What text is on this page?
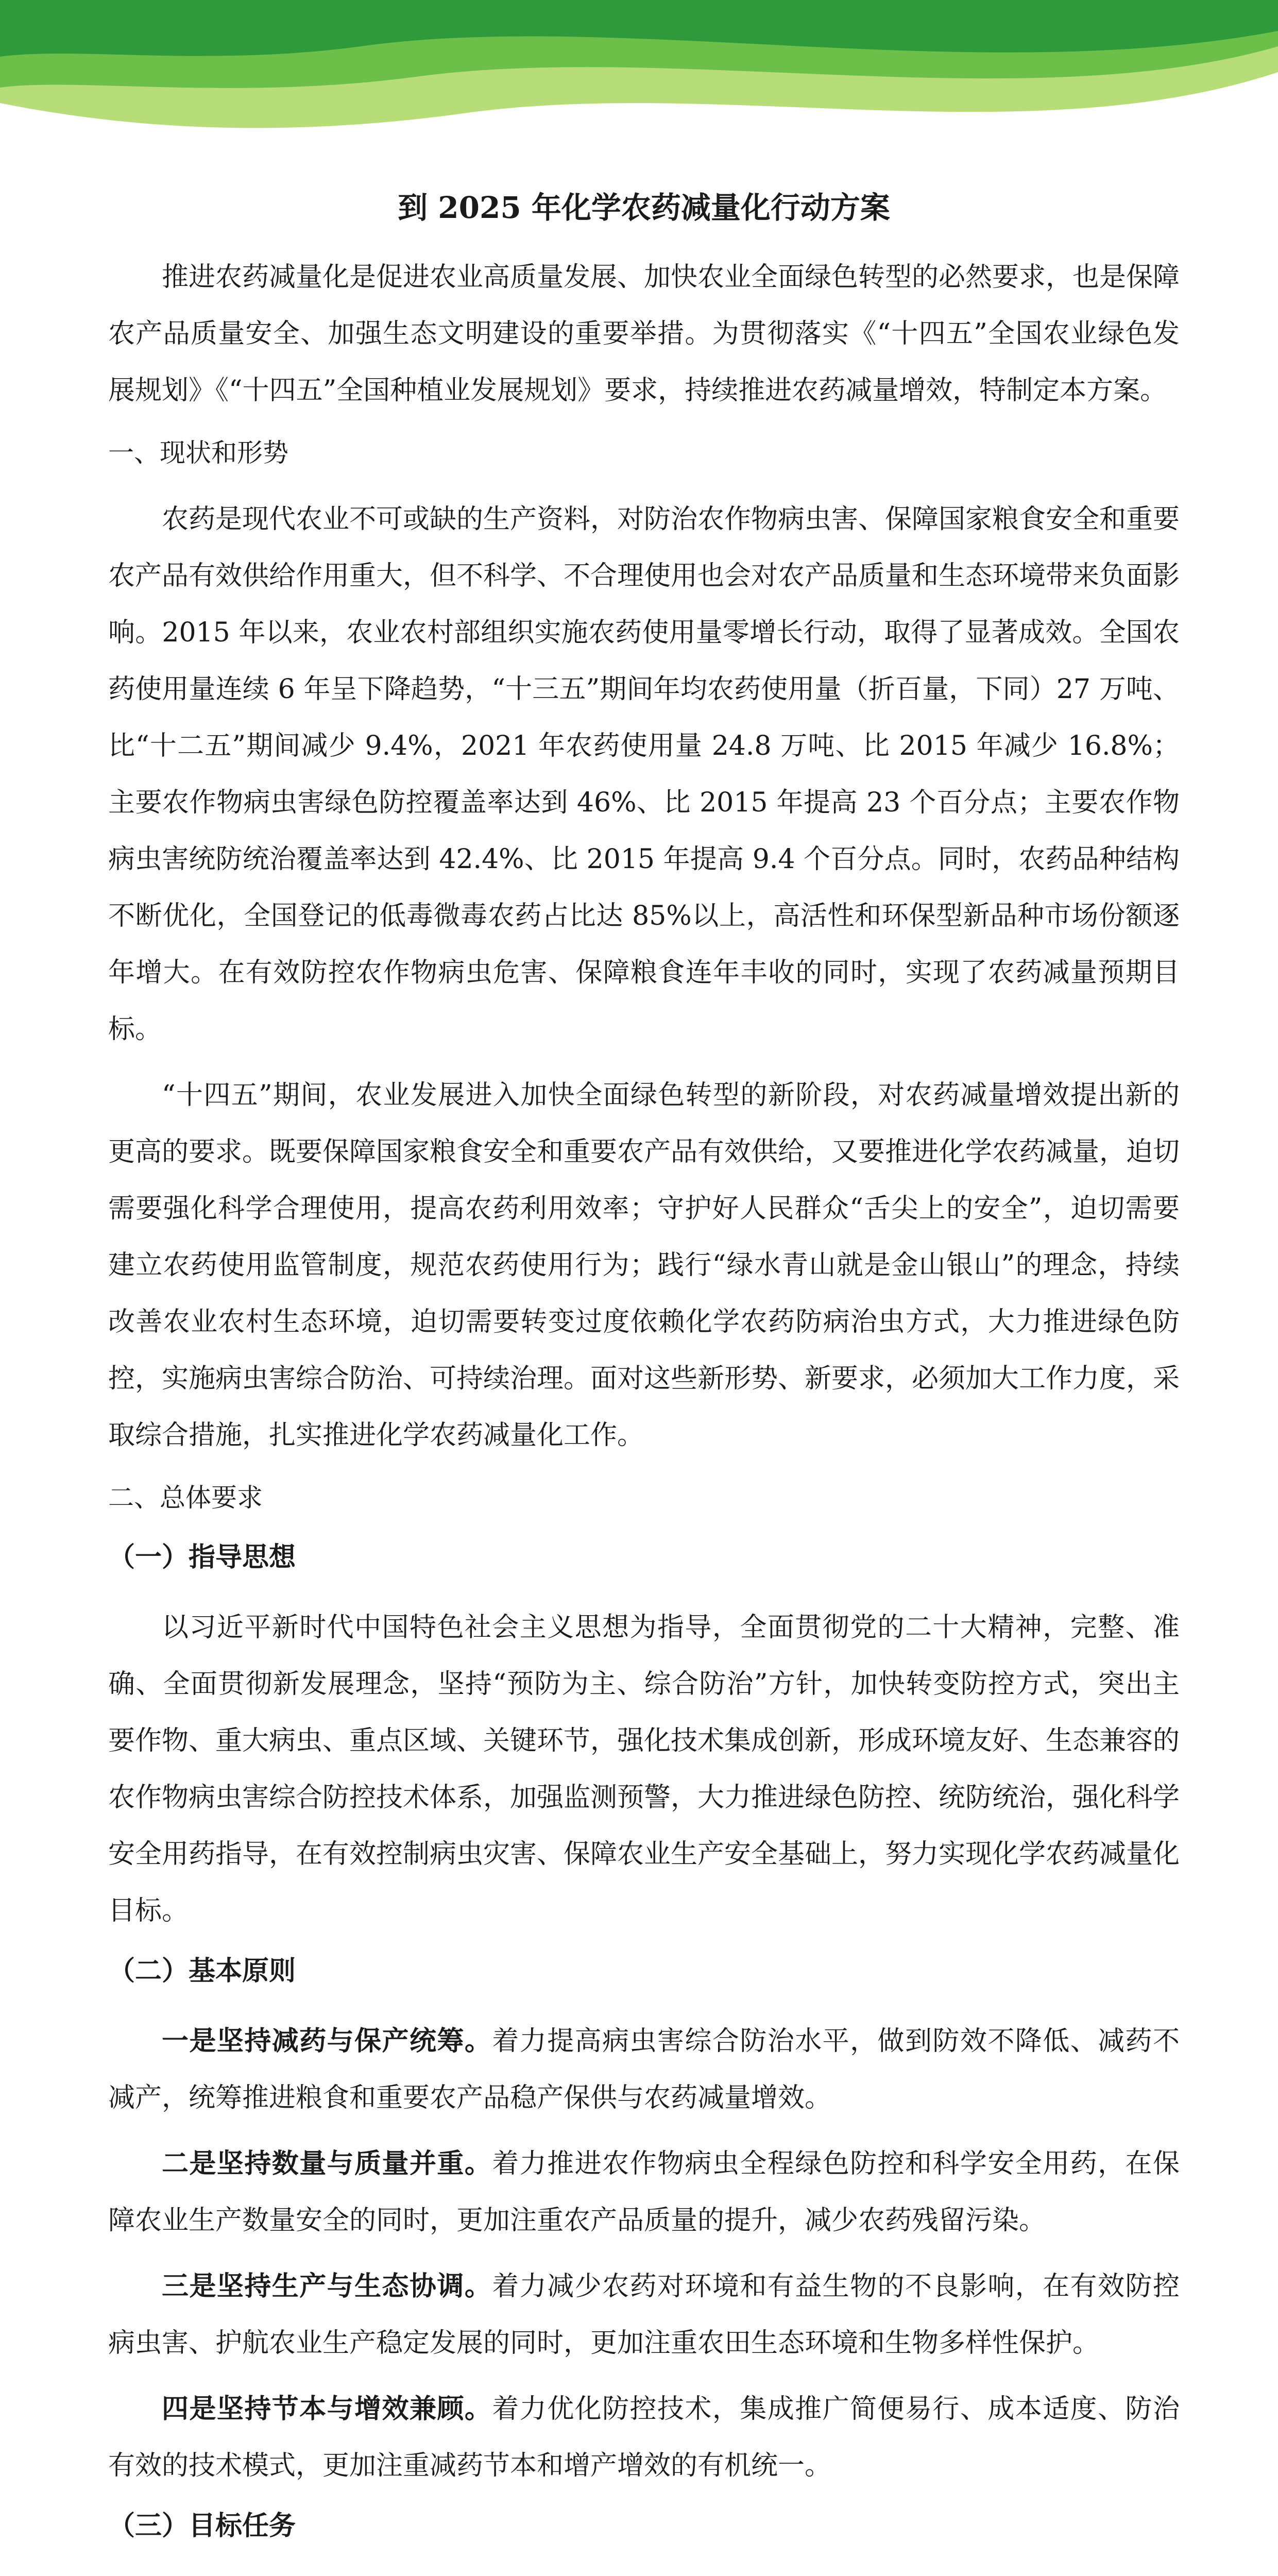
到 2025 年化学农药减量化行动方案

推进农药减量化是促进农业高质量发展、加快农业全面绿色转型的必然要求，也是保障农产品质量安全、加强生态文明建设的重要举措。为贯彻落实《“十四五”全国农业绿色发展规划》《“十四五”全国种植业发展规划》要求，持续推进农药减量增效，特制定本方案。

一、现状和形势

农药是现代农业不可或缺的生产资料，对防治农作物病虫害、保障国家粮食安全和重要农产品有效供给作用重大，但不科学、不合理使用也会对农产品质量和生态环境带来负面影响。2015 年以来，农业农村部组织实施农药使用量零增长行动，取得了显著成效。全国农药使用量连续 6 年呈下降趋势，“十三五”期间年均农药使用量（折百量，下同）27 万吨、比“十二五”期间减少 9.4%，2021 年农药使用量 24.8 万吨、比 2015 年减少 16.8%；主要农作物病虫害绿色防控覆盖率达到 46%、比 2015 年提高 23 个百分点；主要农作物病虫害统防统治覆盖率达到 42.4%、比 2015 年提高 9.4 个百分点。同时，农药品种结构不断优化，全国登记的低毒微毒农药占比达 85%以上，高活性和环保型新品种市场份额逐年增大。在有效防控农作物病虫危害、保障粮食连年丰收的同时，实现了农药减量预期目标。

“十四五”期间，农业发展进入加快全面绿色转型的新阶段，对农药减量增效提出新的更高的要求。既要保障国家粮食安全和重要农产品有效供给，又要推进化学农药减量，迫切需要强化科学合理使用，提高农药利用效率；守护好人民群众“舌尖上的安全”，迫切需要建立农药使用监管制度，规范农药使用行为；践行“绿水青山就是金山银山”的理念，持续改善农业农村生态环境，迫切需要转变过度依赖化学农药防病治虫方式，大力推进绿色防控，实施病虫害综合防治、可持续治理。面对这些新形势、新要求，必须加大工作力度，采取综合措施，扎实推进化学农药减量化工作。

二、总体要求
（一）指导思想

以习近平新时代中国特色社会主义思想为指导，全面贯彻党的二十大精神，完整、准确、全面贯彻新发展理念，坚持“预防为主、综合防治”方针，加快转变防控方式，突出主要作物、重大病虫、重点区域、关键环节，强化技术集成创新，形成环境友好、生态兼容的农作物病虫害综合防控技术体系，加强监测预警，大力推进绿色防控、统防统治，强化科学安全用药指导，在有效控制病虫灾害、保障农业生产安全基础上，努力实现化学农药减量化目标。

（二）基本原则

一是坚持减药与保产统筹。着力提高病虫害综合防治水平，做到防效不降低、减药不减产，统筹推进粮食和重要农产品稳产保供与农药减量增效。

二是坚持数量与质量并重。着力推进农作物病虫全程绿色防控和科学安全用药，在保障农业生产数量安全的同时，更加注重农产品质量的提升，减少农药残留污染。

三是坚持生产与生态协调。着力减少农药对环境和有益生物的不良影响，在有效防控病虫害、护航农业生产稳定发展的同时，更加注重农田生态环境和生物多样性保护。

四是坚持节本与增效兼顾。着力优化防控技术，集成推广简便易行、成本适度、防治有效的技术模式，更加注重减药节本和增产增效的有机统一。

（三）目标任务
